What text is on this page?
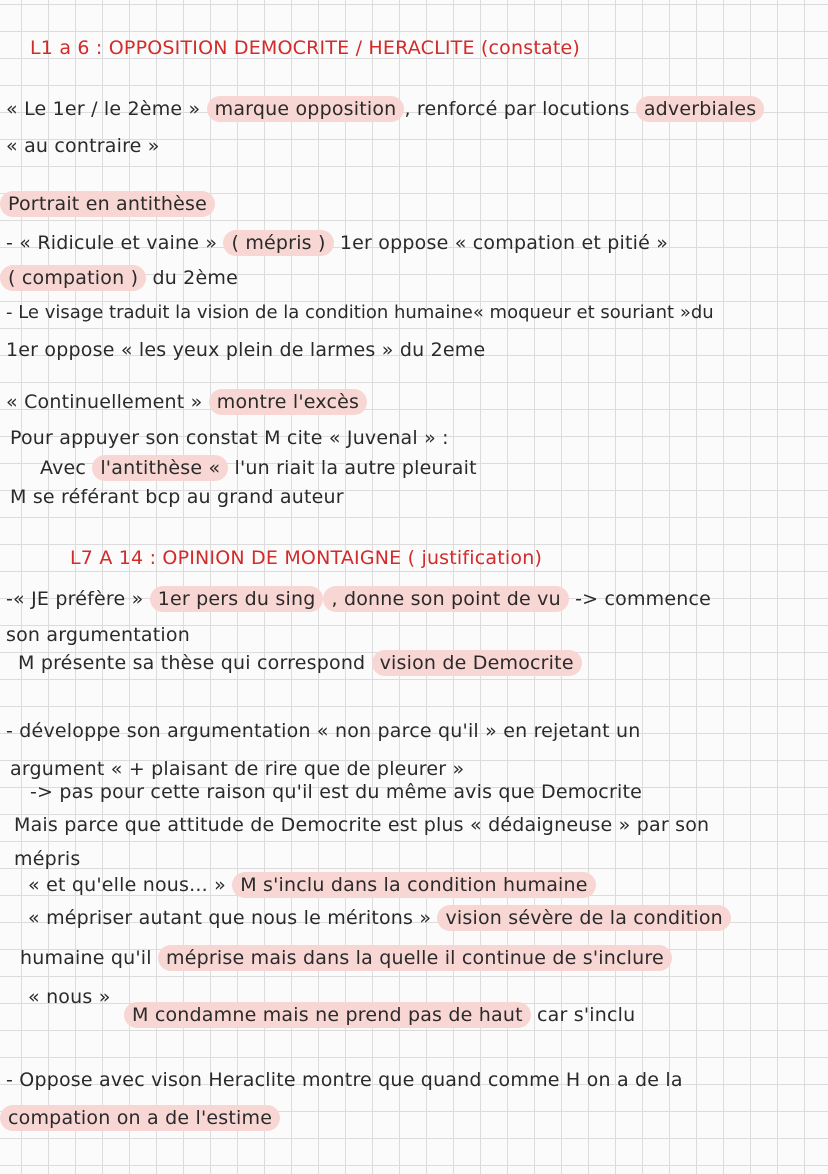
L1 a 6 : OPPOSITION DEMOCRITE / HERACLITE (constate)
« Le 1er / le 2ème » marque opposition , renforcé par locutions adverbiales
« au contraire »
Portrait en antithèse
- « Ridicule et vaine » ( mépris ) 1er oppose « compation et pitié »
( compation ) du 2ème
- Le visage traduit la vision de la condition humaine« moqueur et souriant »du
1er oppose « les yeux plein de larmes » du 2eme
« Continuellement » montre l'excès
Pour appuyer son constat M cite « Juvenal » :
Avec l'antithèse « l'un riait la autre pleurait
M se référant bcp au grand auteur
L7 A 14 : OPINION DE MONTAIGNE ( justification)
-« JE préfère » 1er pers du sing , donne son point de vu -> commence
son argumentation
M présente sa thèse qui correspond vision de Democrite
- développe son argumentation « non parce qu'il » en rejetant un
argument « + plaisant de rire que de pleurer »
-> pas pour cette raison qu'il est du même avis que Democrite
Mais parce que attitude de Democrite est plus « dédaigneuse » par son
mépris
« et qu'elle nous... » M s'inclu dans la condition humaine
« mépriser autant que nous le méritons » vision sévère de la condition
humaine qu'il méprise mais dans la quelle il continue de s'inclure
« nous »
M condamne mais ne prend pas de haut car s'inclu
- Oppose avec vison Heraclite montre que quand comme H on a de la
compation on a de l'estime
